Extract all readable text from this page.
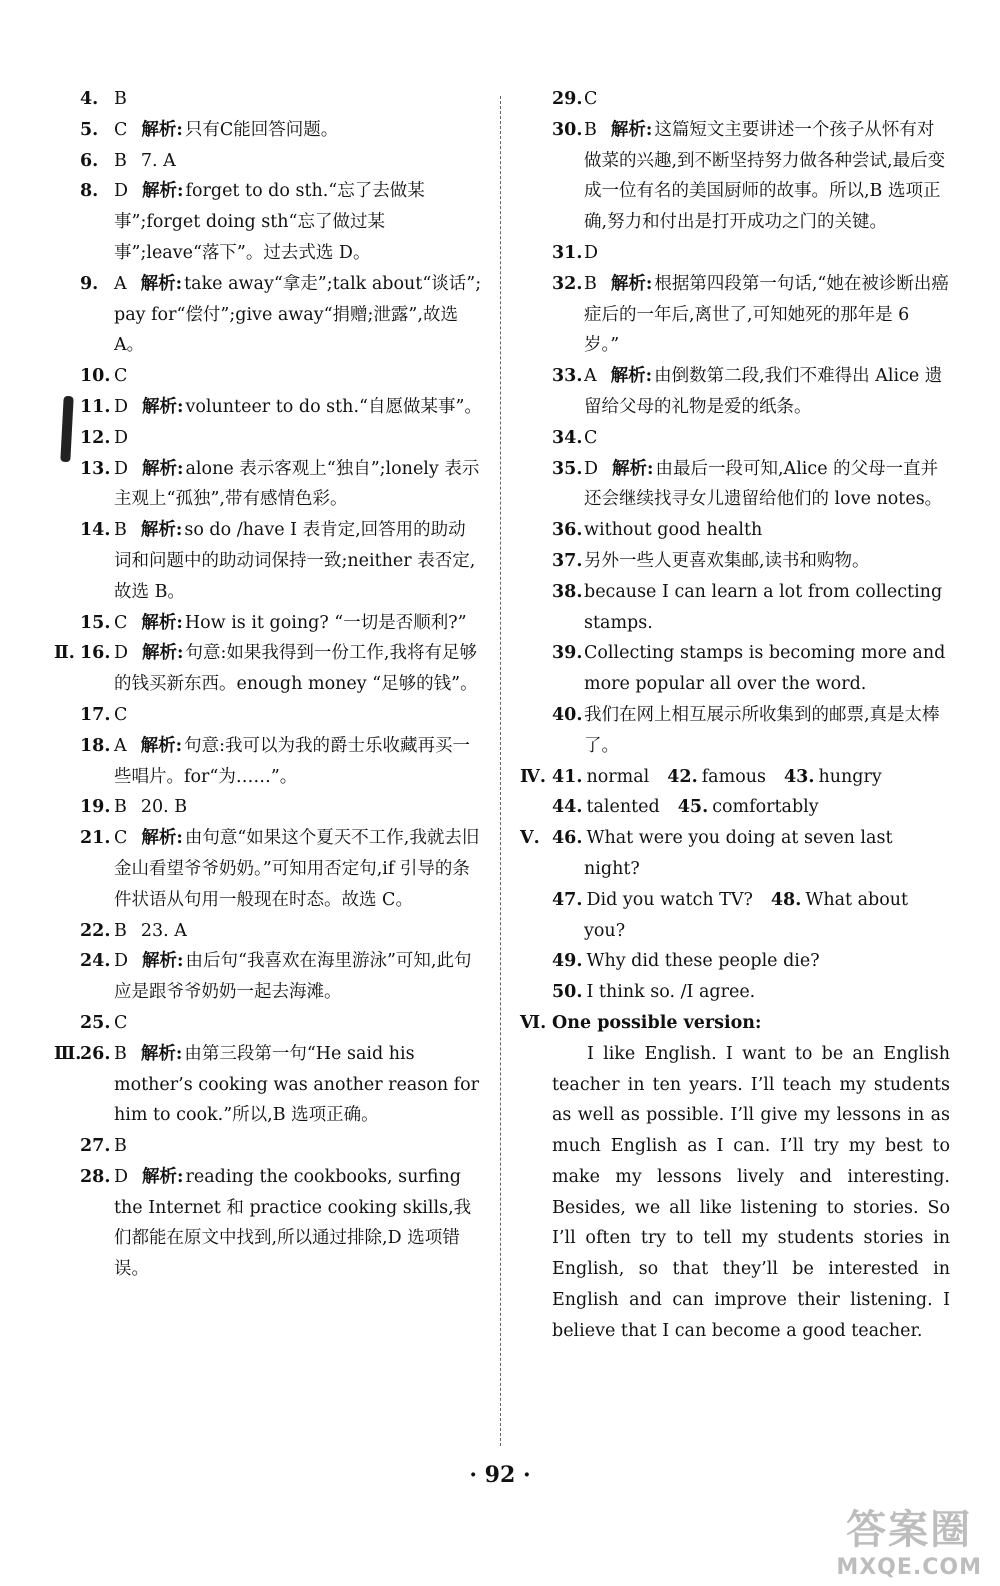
4. B
5. C 解析: 只有C能回答问题。
6. B 7. A
8. D 解析: forget to do sth.“忘了去做某事”;forget doing sth“忘了做过某事”;leave“落下”。过去式选 D。
9. A 解析: take away“拿走”;talk about“谈话”; pay for“偿付”;give away“捐赠;泄露”,故选 A。
10. C
11. D 解析: volunteer to do sth.“自愿做某事”。
12. D
13. D 解析: alone 表示客观上“独自”;lonely 表示主观上“孤独”,带有感情色彩。
14. B 解析: so do /have I 表肯定,回答用的助动词和问题中的助动词保持一致;neither 表否定,故选 B。
15. C 解析: How is it going? “一切是否顺利?”
Ⅱ. 16. D 解析: 句意:如果我得到一份工作,我将有足够的钱买新东西。enough money “足够的钱”。
17. C
18. A 解析: 句意:我可以为我的爵士乐收藏再买一些唱片。for“为……”。
19. B 20. B
21. C 解析: 由句意“如果这个夏天不工作,我就去旧金山看望爷爷奶奶。”可知用否定句,if 引导的条件状语从句用一般现在时态。故选 C。
22. B 23. A
24. D 解析: 由后句“我喜欢在海里游泳”可知,此句应是跟爷爷奶奶一起去海滩。
25. C
Ⅲ.
26. B 解析: 由第三段第一句“He said his mother’s cooking was another reason for him to cook.”所以,B 选项正确。
27. B
28. D 解析: reading the cookbooks, surfing the Internet 和 practice cooking skills,我们都能在原文中找到,所以通过排除,D 选项错误。
29. C
30. B 解析: 这篇短文主要讲述一个孩子从怀有对做菜的兴趣,到不断坚持努力做各种尝试,最后变成一位有名的美国厨师的故事。所以,B 选项正确,努力和付出是打开成功之门的关键。
31. D
32. B 解析: 根据第四段第一句话,“她在被诊断出癌症后的一年后,离世了,可知她死的那年是 6 岁。”
33. A 解析: 由倒数第二段,我们不难得出 Alice 遗留给父母的礼物是爱的纸条。
34. C
35. D 解析: 由最后一段可知,Alice 的父母一直并还会继续找寻女儿遗留给他们的 love notes。
36. without good health
37. 另外一些人更喜欢集邮,读书和购物。
38. because I can learn a lot from collecting stamps.
39. Collecting stamps is becoming more and more popular all over the word.
40. 我们在网上相互展示所收集到的邮票,真是太棒了。
Ⅳ. 41. normal 42. famous 43. hungry
44. talented 45. comfortably
Ⅴ. 46. What were you doing at seven last night?
47. Did you watch TV? 48. What about you?
49. Why did these people die?
50. I think so. /I agree.
Ⅵ. One possible version:

I like English. I want to be an English teacher in ten years. I’ll teach my students as well as possible. I’ll give my lessons in as much English as I can. I’ll try my best to make my lessons lively and interesting. Besides, we all like listening to stories. So I’ll often try to tell my students stories in English, so that they’ll be interested in English and can improve their listening. I believe that I can become a good teacher.

· 92 ·
答案圈
MXQE.COM
